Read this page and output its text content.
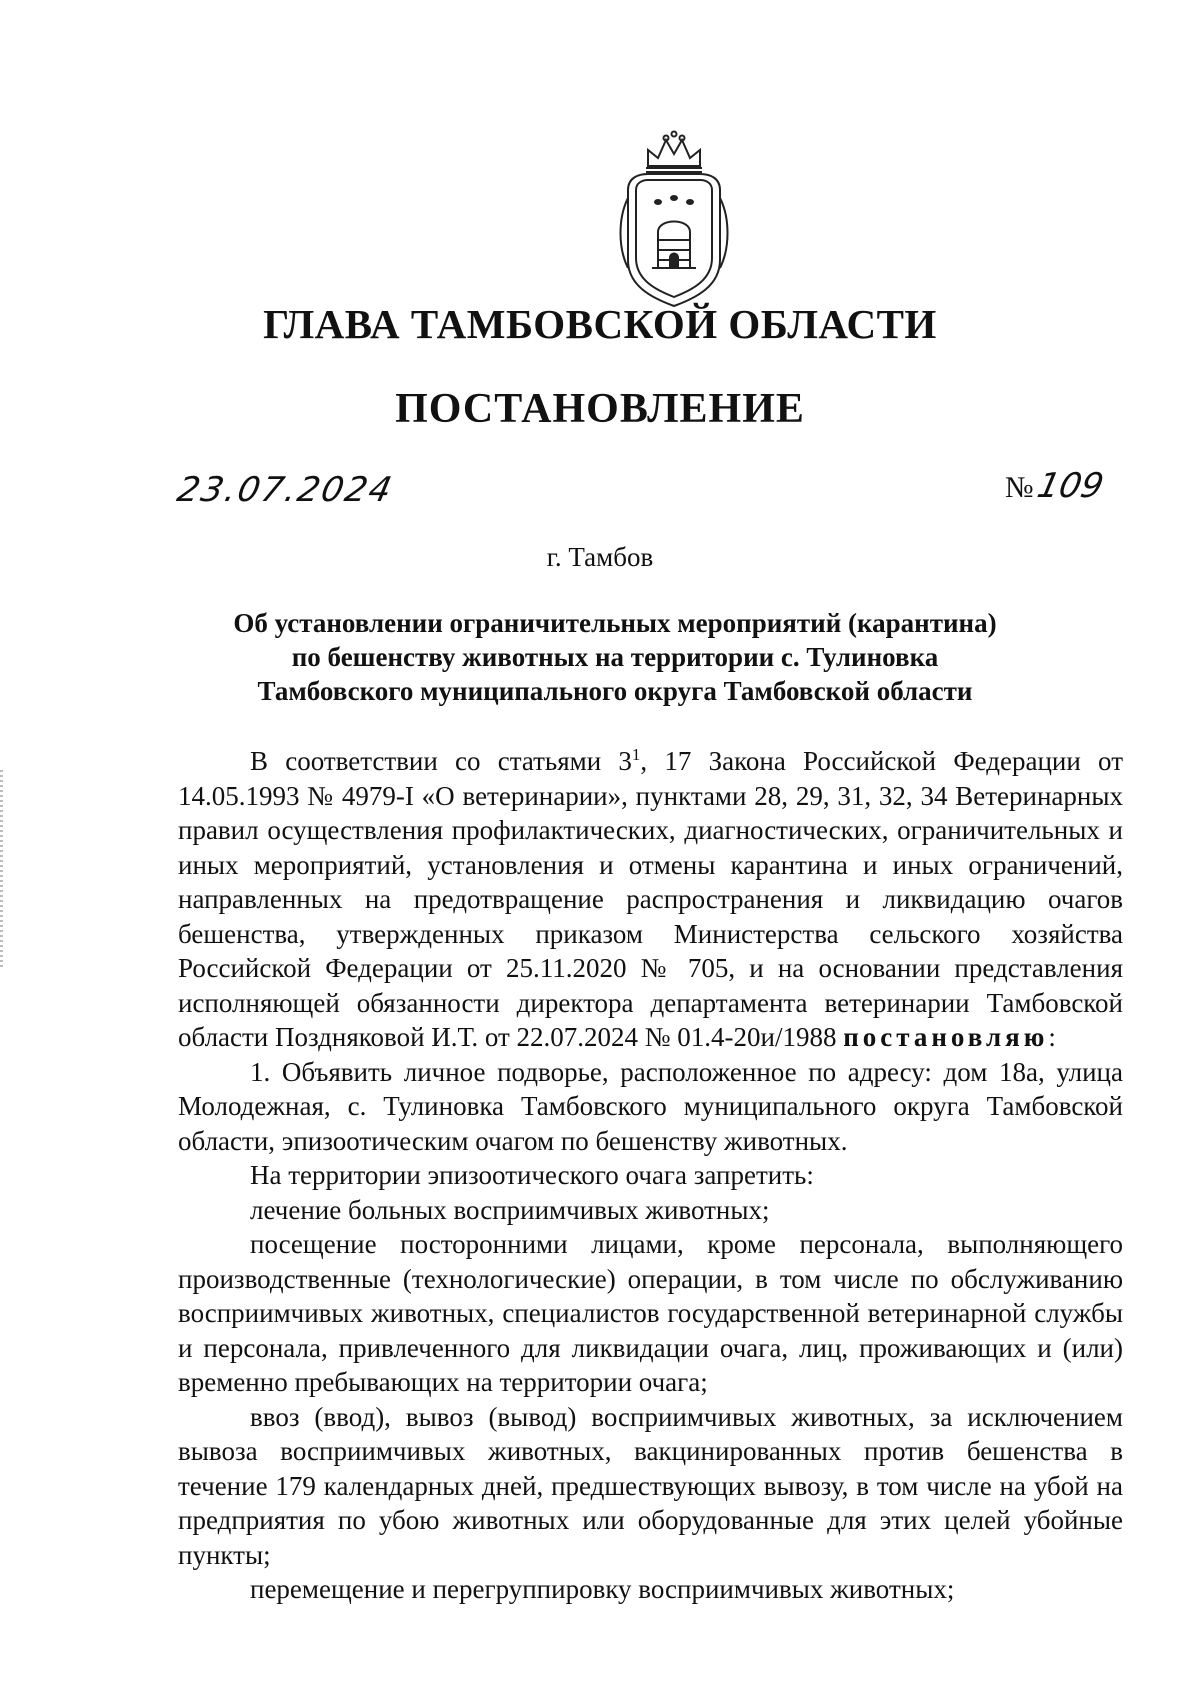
ГЛАВА ТАМБОВСКОЙ ОБЛАСТИ
ПОСТАНОВЛЕНИЕ
23.07.2024	№109
г. Тамбов
Об установлении ограничительных мероприятий (карантина)
по бешенству животных на территории с. Тулиновка
Тамбовского муниципального округа Тамбовской области

В соответствии со статьями $3^1$, 17 Закона Российской Федерации от 14.05.1993 № 4979-I «О ветеринарии», пунктами 28, 29, 31, 32, 34 Ветеринарных правил осуществления профилактических, диагностических, ограничительных и иных мероприятий, установления и отмены карантина и иных ограничений, направленных на предотвращение распространения и ликвидацию очагов бешенства, утвержденных приказом Министерства сельского хозяйства Российской Федерации от 25.11.2020 № 705, и на основании представления исполняющей обязанности директора департамента ветеринарии Тамбовской области Поздняковой И.Т. от 22.07.2024 № 01.4-20и/1988 постановляю:

1. Объявить личное подворье, расположенное по адресу: дом 18а, улица Молодежная, с. Тулиновка Тамбовского муниципального округа Тамбовской области, эпизоотическим очагом по бешенству животных.

На территории эпизоотического очага запретить:

лечение больных восприимчивых животных;

посещение посторонними лицами, кроме персонала, выполняющего производственные (технологические) операции, в том числе по обслуживанию восприимчивых животных, специалистов государственной ветеринарной службы и персонала, привлеченного для ликвидации очага, лиц, проживающих и (или) временно пребывающих на территории очага;

ввоз (ввод), вывоз (вывод) восприимчивых животных, за исключением вывоза восприимчивых животных, вакцинированных против бешенства в течение 179 календарных дней, предшествующих вывозу, в том числе на убой на предприятия по убою животных или оборудованные для этих целей убойные пункты;

перемещение и перегруппировку восприимчивых животных;
